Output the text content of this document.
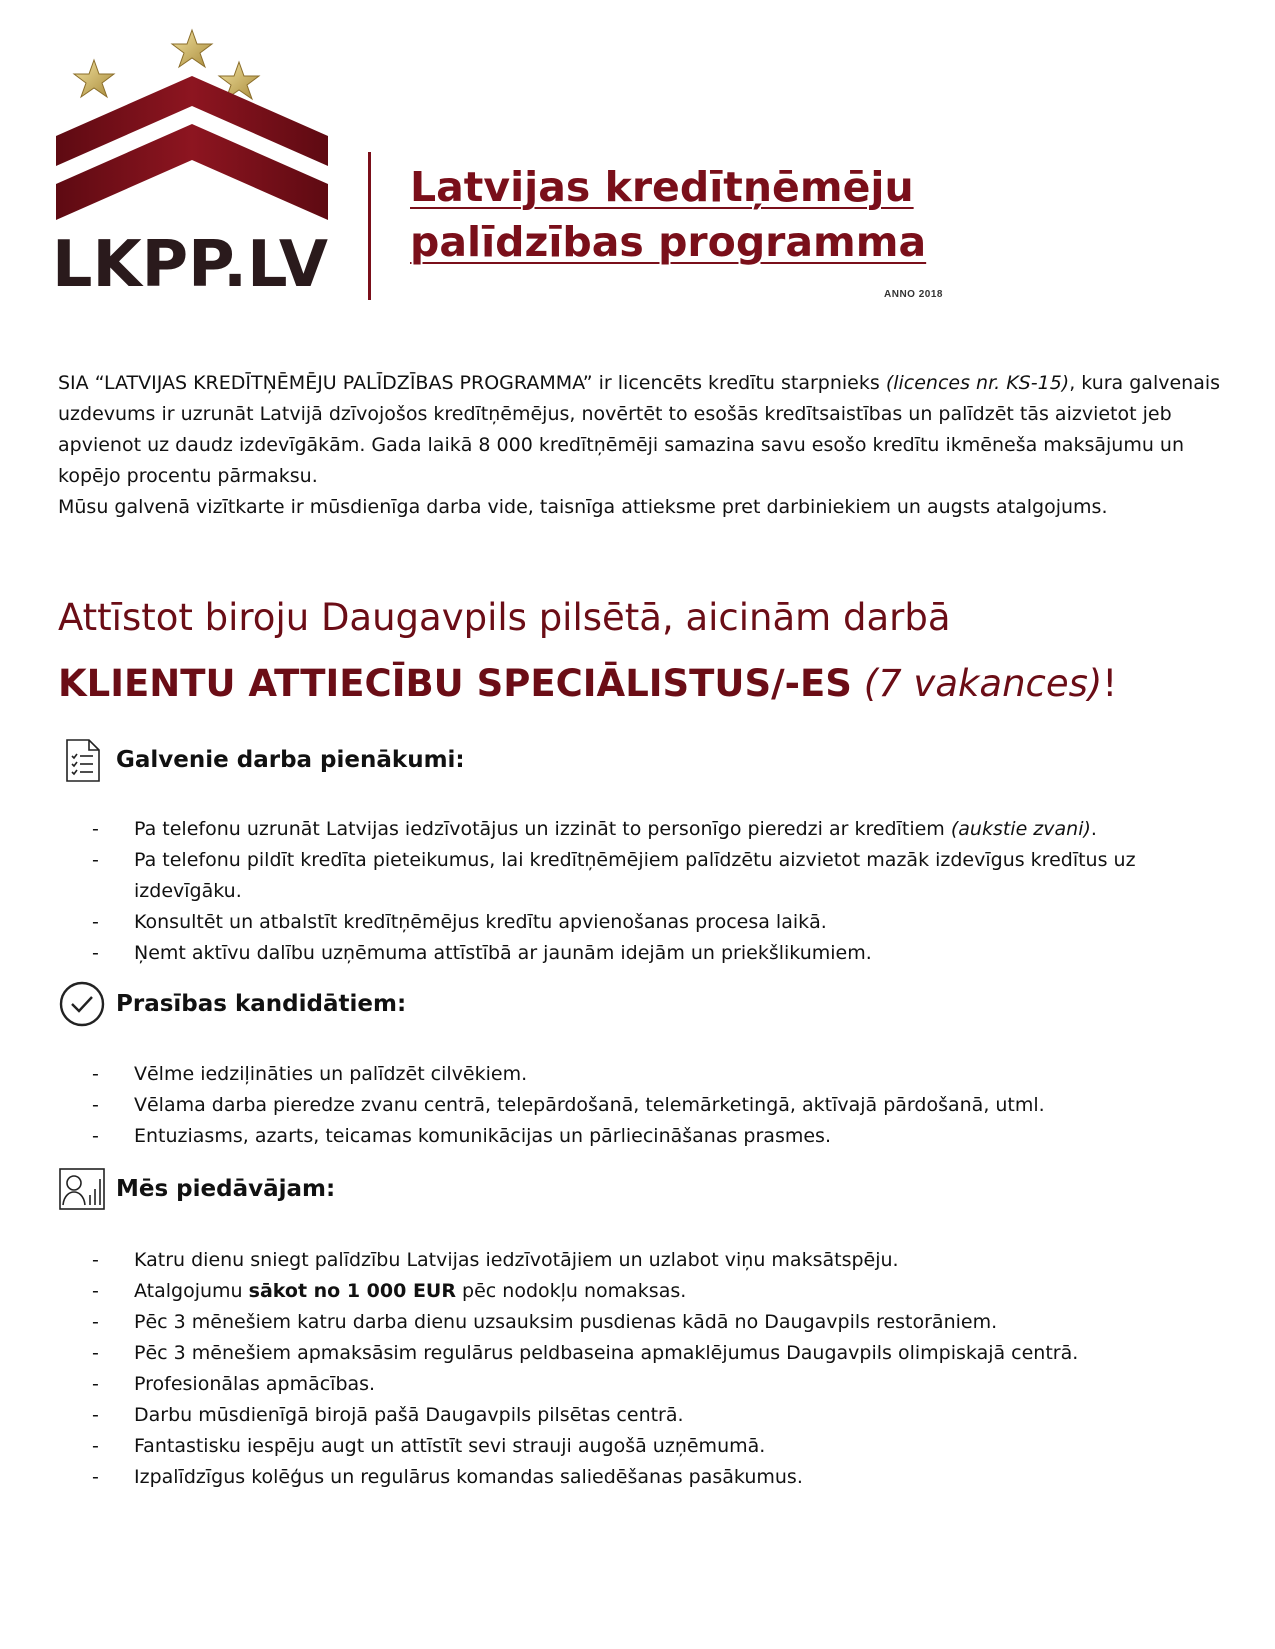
LKPP.LV
Latvijas kredītņēmēju
palīdzības programma
ANNO 2018

SIA “LATVIJAS KREDĪTŅĒMĒJU PALĪDZĪBAS PROGRAMMA” ir licencēts kredītu starpnieks (licences nr. KS-15), kura galvenais uzdevums ir uzrunāt Latvijā dzīvojošos kredītņēmējus, novērtēt to esošās kredītsaistības un palīdzēt tās aizvietot jeb apvienot uz daudz izdevīgākām. Gada laikā 8 000 kredītņēmēji samazina savu esošo kredītu ikmēneša maksājumu un kopējo procentu pārmaksu.

Mūsu galvenā vizītkarte ir mūsdienīga darba vide, taisnīga attieksme pret darbiniekiem un augsts atalgojums.

Attīstot biroju Daugavpils pilsētā, aicinām darbā
KLIENTU ATTIECĪBU SPECIĀLISTUS/-ES (7 vakances)!
Galvenie darba pienākumi:
- Pa telefonu uzrunāt Latvijas iedzīvotājus un izzināt to personīgo pieredzi ar kredītiem (aukstie zvani).
- Pa telefonu pildīt kredīta pieteikumus, lai kredītņēmējiem palīdzētu aizvietot mazāk izdevīgus kredītus uz izdevīgāku.
- Konsultēt un atbalstīt kredītņēmējus kredītu apvienošanas procesa laikā.
- Ņemt aktīvu dalību uzņēmuma attīstībā ar jaunām idejām un priekšlikumiem.
Prasības kandidātiem:
- Vēlme iedziļināties un palīdzēt cilvēkiem.
- Vēlama darba pieredze zvanu centrā, telepārdošanā, telemārketingā, aktīvajā pārdošanā, utml.
- Entuziasms, azarts, teicamas komunikācijas un pārliecināšanas prasmes.
Mēs piedāvājam:
- Katru dienu sniegt palīdzību Latvijas iedzīvotājiem un uzlabot viņu maksātspēju.
- Atalgojumu sākot no 1 000 EUR pēc nodokļu nomaksas.
- Pēc 3 mēnešiem katru darba dienu uzsauksim pusdienas kādā no Daugavpils restorāniem.
- Pēc 3 mēnešiem apmaksāsim regulārus peldbaseina apmaklējumus Daugavpils olimpiskajā centrā.
- Profesionālas apmācības.
- Darbu mūsdienīgā birojā pašā Daugavpils pilsētas centrā.
- Fantastisku iespēju augt un attīstīt sevi strauji augošā uzņēmumā.
- Izpalīdzīgus kolēģus un regulārus komandas saliedēšanas pasākumus.
